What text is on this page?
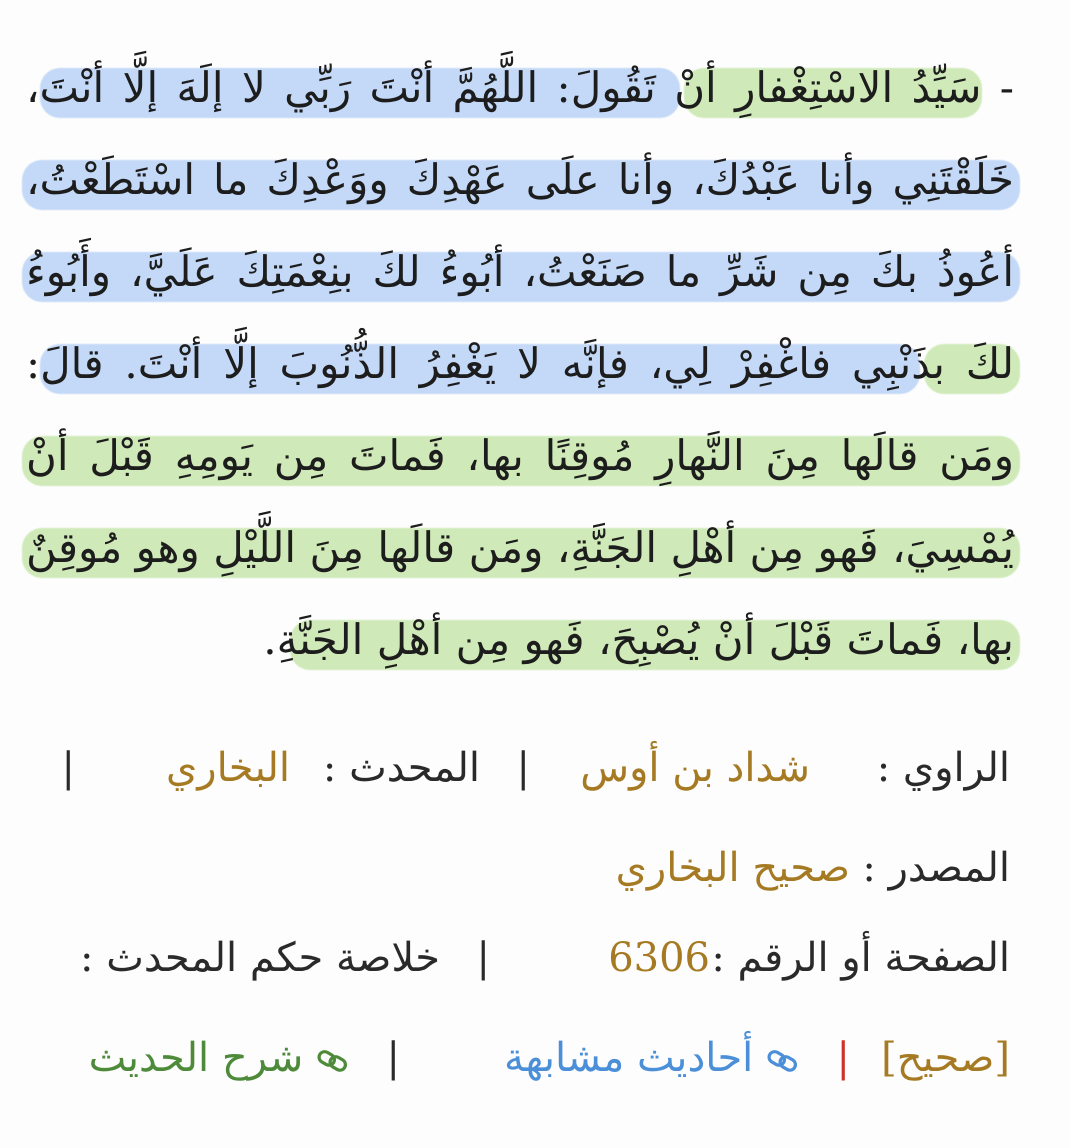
- سَيِّدُ الاسْتِغْفارِ أنْ تَقُولَ: اللَّهُمَّ أنْتَ رَبِّي لا إلَهَ إلَّا أنْتَ،
خَلَقْتَنِي وأنا عَبْدُكَ، وأنا علَى عَهْدِكَ ووَعْدِكَ ما اسْتَطَعْتُ،
أعُوذُ بكَ مِن شَرِّ ما صَنَعْتُ، أبُوءُ لكَ بنِعْمَتِكَ عَلَيَّ، وأَبُوءُ
لكَ بذَنْبِي فاغْفِرْ لِي، فإنَّه لا يَغْفِرُ الذُّنُوبَ إلَّا أنْتَ. قالَ:
ومَن قالَها مِنَ النَّهارِ مُوقِنًا بها، فَماتَ مِن يَومِهِ قَبْلَ أنْ
يُمْسِيَ، فَهو مِن أهْلِ الجَنَّةِ، ومَن قالَها مِنَ اللَّيْلِ وهو مُوقِنٌ
بها، فَماتَ قَبْلَ أنْ يُصْبِحَ، فَهو مِن أهْلِ الجَنَّةِ.
الراوي :
شداد بن أوس
|
المحدث :
البخاري
|
المصدر :
صحيح البخاري
الصفحة أو الرقم :
6306
|
خلاصة حكم المحدث :
[صحيح]
|
أحاديث مشابهة
|
شرح الحديث
